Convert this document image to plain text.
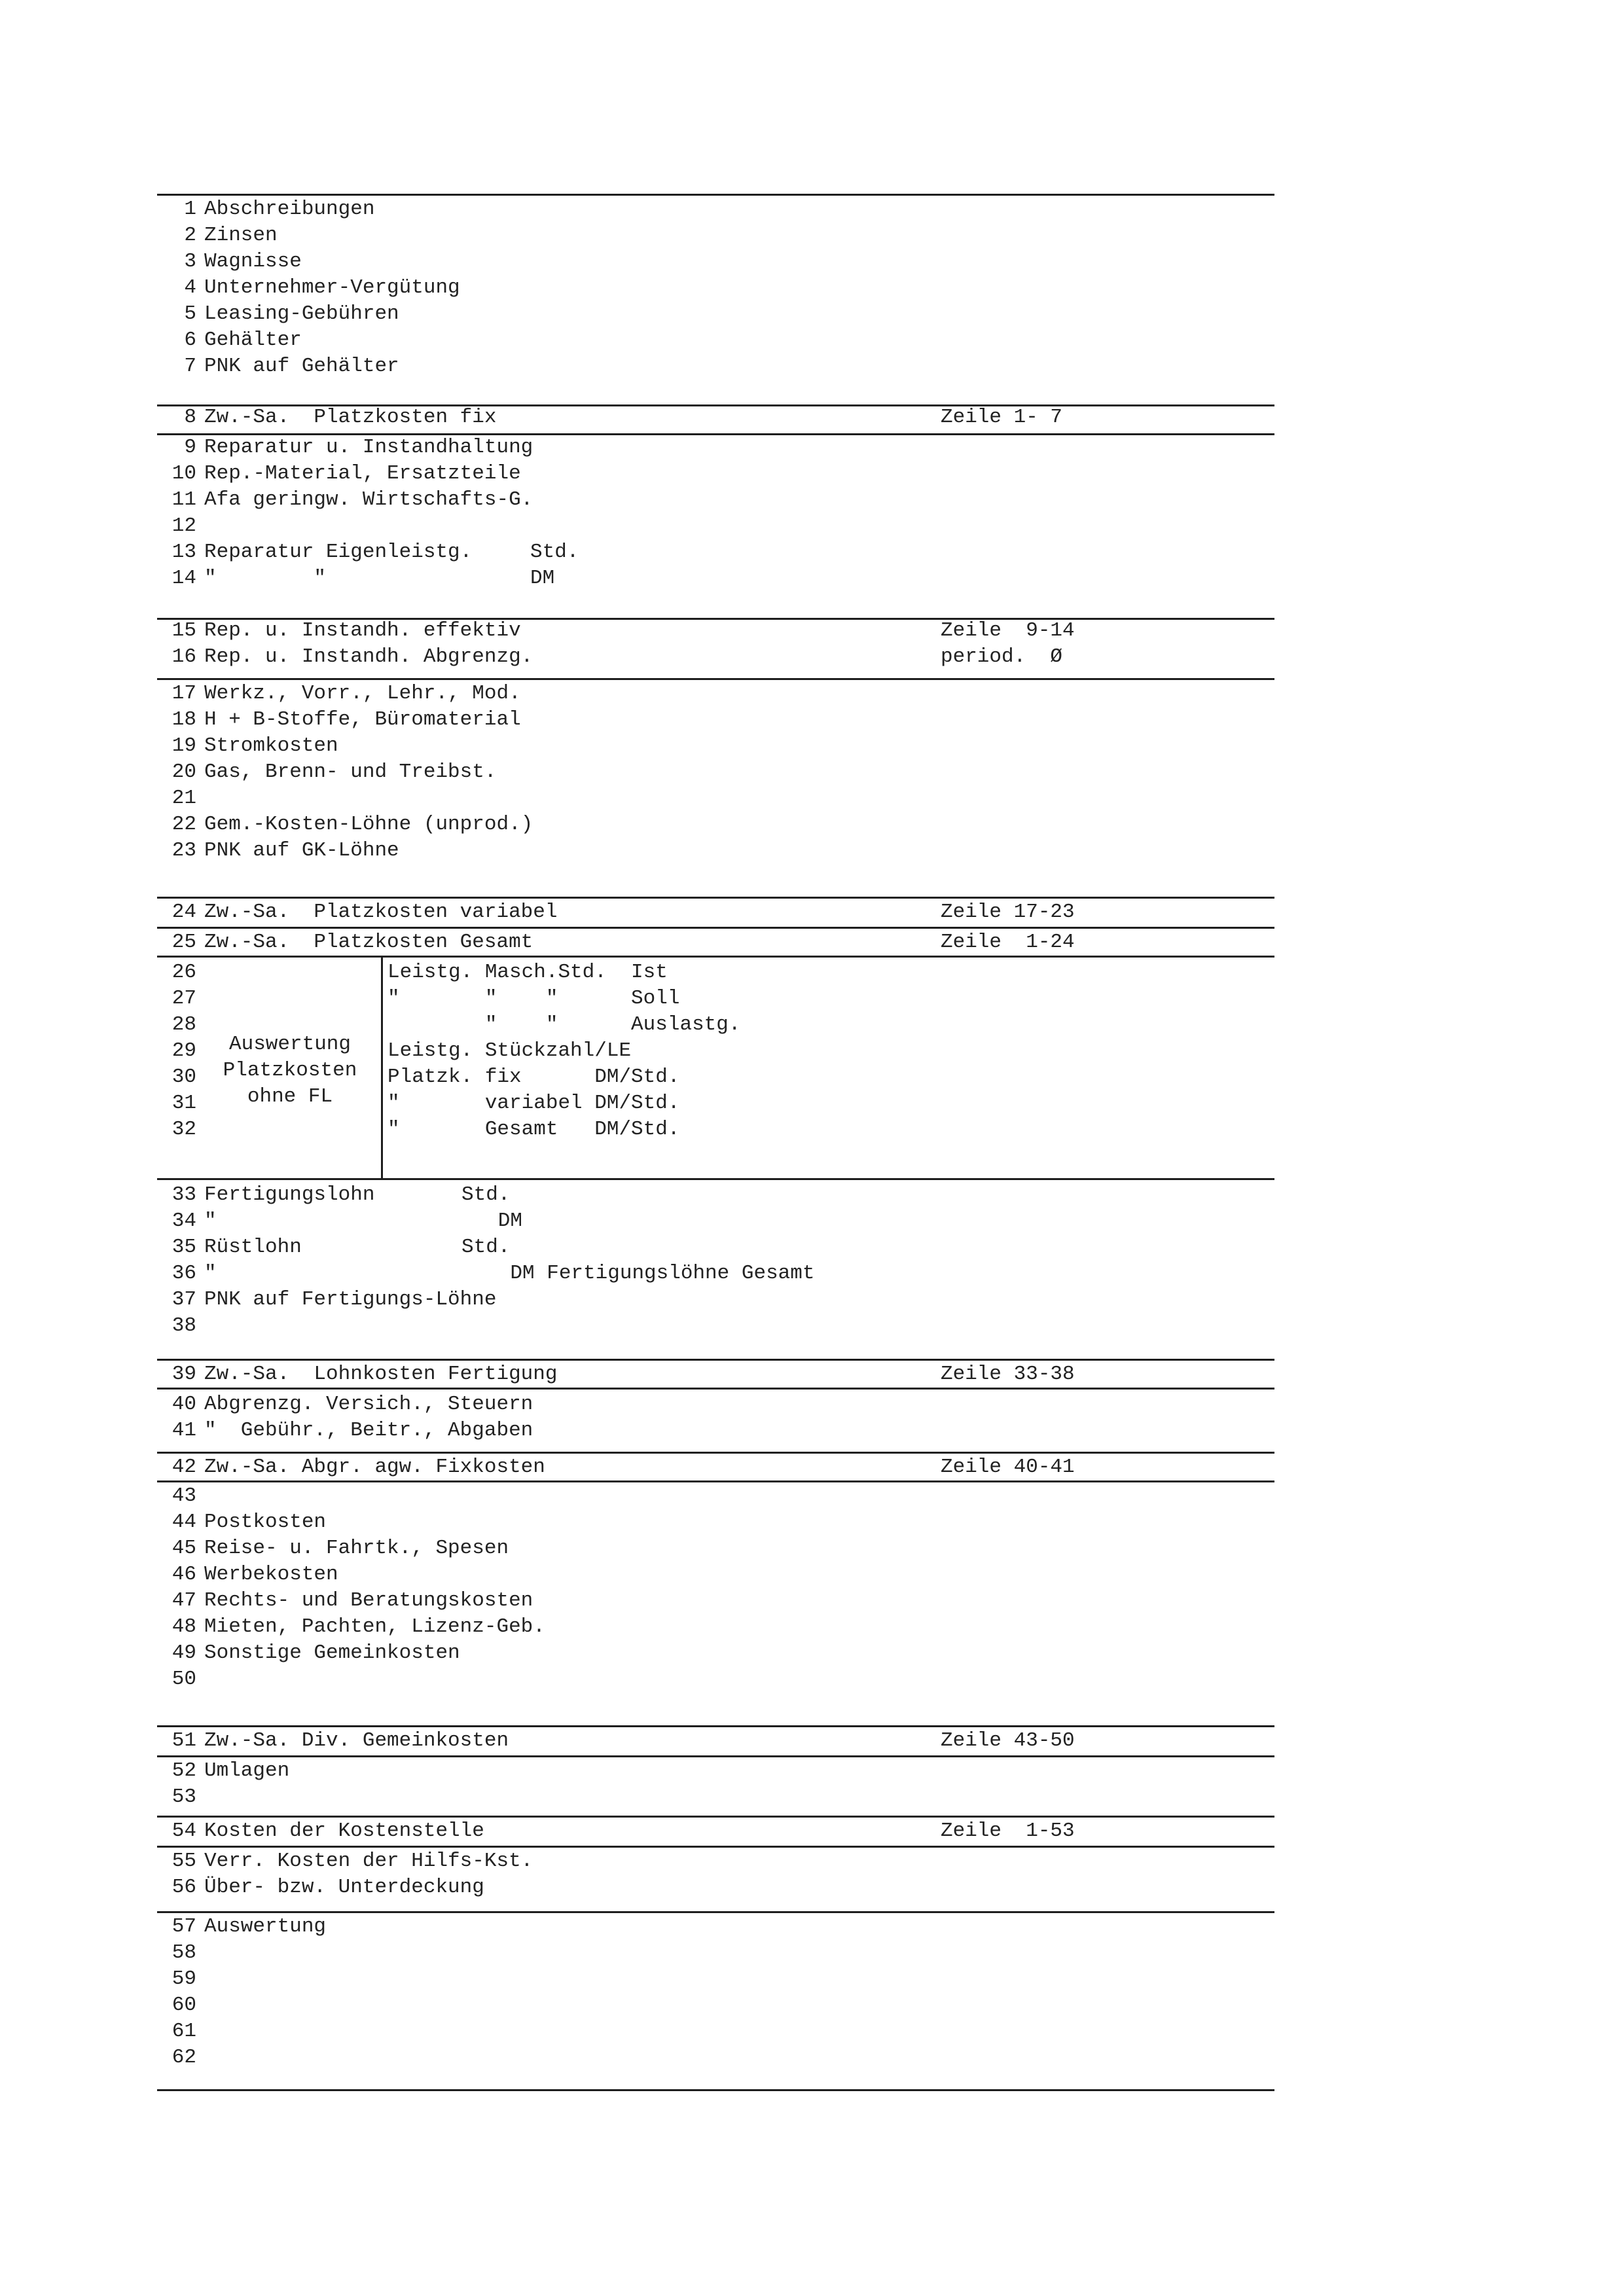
1 Abschreibungen
2 Zinsen
3 Wagnisse
4 Unternehmer-Vergütung
5 Leasing-Gebühren
6 Gehälter
7 PNK auf Gehälter
8 Zw.-Sa.  Platzkosten fix	Zeile 1- 7
9 Reparatur u. Instandhaltung
10 Rep.-Material, Ersatzteile
11 Afa geringw. Wirtschafts-G.
12
13 Reparatur Eigenleistg.	Std.
14 "        "	DM
15 Rep. u. Instandh. effektiv	Zeile  9-14
16 Rep. u. Instandh. Abgrenzg.	period.  Ø
17 Werkz., Vorr., Lehr., Mod.
18 H + B-Stoffe, Büromaterial
19 Stromkosten
20 Gas, Brenn- und Treibst.
21
22 Gem.-Kosten-Löhne (unprod.)
23 PNK auf GK-Löhne
24 Zw.-Sa.  Platzkosten variabel	Zeile 17-23
25 Zw.-Sa.  Platzkosten Gesamt	Zeile  1-24
26	Leistg. Masch.Std.  Ist
27	"       "    "      Soll
28	"    "      Auslastg.
29	Leistg. Stückzahl/LE
30	Platzk. fix      DM/Std.
31	"       variabel DM/Std.
32	"       Gesamt   DM/Std.
33 Fertigungslohn	Std.
34 "	DM
35 Rüstlohn	Std.
36 "	DM Fertigungslöhne Gesamt
37 PNK auf Fertigungs-Löhne
38
39 Zw.-Sa.  Lohnkosten Fertigung	Zeile 33-38
40 Abgrenzg. Versich., Steuern
41 "  Gebühr., Beitr., Abgaben
42 Zw.-Sa. Abgr. agw. Fixkosten	Zeile 40-41
43
44 Postkosten
45 Reise- u. Fahrtk., Spesen
46 Werbekosten
47 Rechts- und Beratungskosten
48 Mieten, Pachten, Lizenz-Geb.
49 Sonstige Gemeinkosten
50
51 Zw.-Sa. Div. Gemeinkosten	Zeile 43-50
52 Umlagen
53
54 Kosten der Kostenstelle	Zeile  1-53
55 Verr. Kosten der Hilfs-Kst.
56 Über- bzw. Unterdeckung
57 Auswertung
58
59
60
61
62
Auswertung
Platzkosten
ohne FL
